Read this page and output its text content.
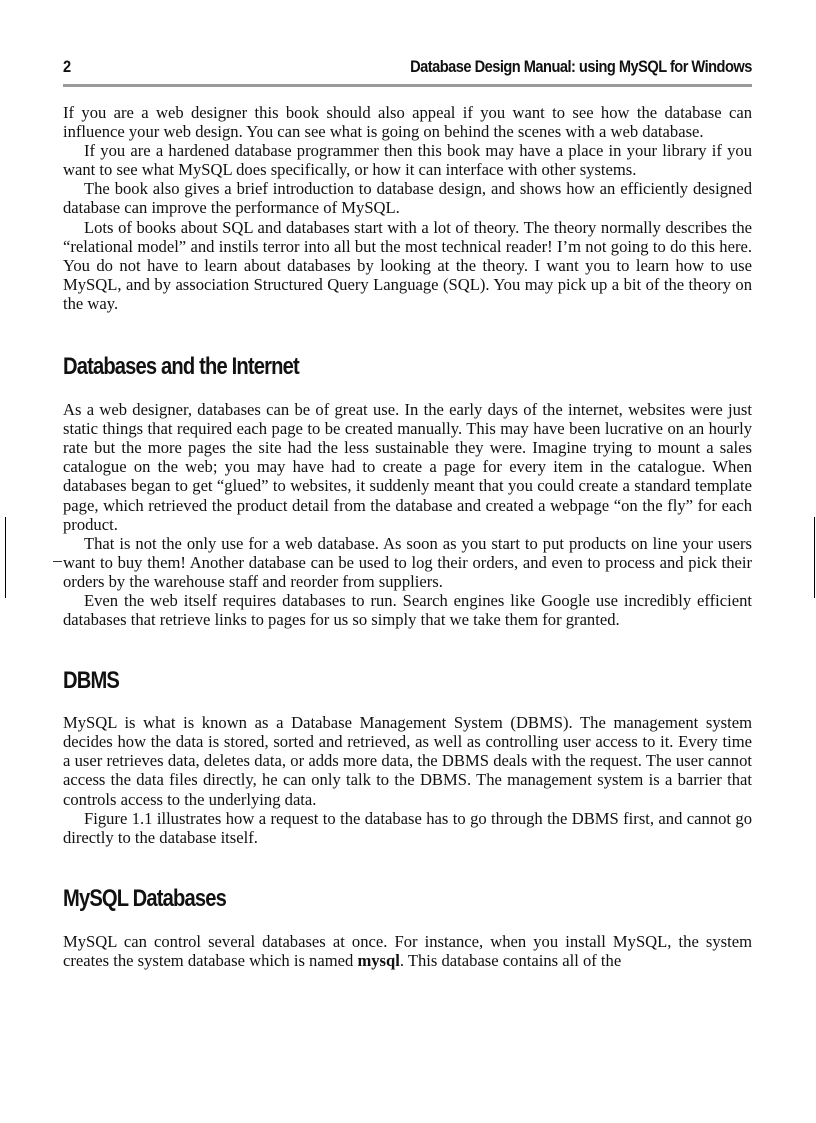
2	Database Design Manual: using MySQL for Windows

If you are a web designer this book should also appeal if you want to see how the database can influence your web design. You can see what is going on behind the scenes with a web database.

If you are a hardened database programmer then this book may have a place in your library if you want to see what MySQL does specifically, or how it can interface with other systems.

The book also gives a brief introduction to database design, and shows how an efficiently designed database can improve the performance of MySQL.

Lots of books about SQL and databases start with a lot of theory. The theory normally describes the “relational model” and instils terror into all but the most technical reader! I’m not going to do this here. You do not have to learn about databases by looking at the theory. I want you to learn how to use MySQL, and by association Structured Query Language (SQL). You may pick up a bit of the theory on the way.

Databases and the Internet

As a web designer, databases can be of great use. In the early days of the internet, websites were just static things that required each page to be created manually. This may have been lucrative on an hourly rate but the more pages the site had the less sustainable they were. Imagine trying to mount a sales catalogue on the web; you may have had to create a page for every item in the catalogue. When databases began to get “glued” to websites, it suddenly meant that you could create a standard template page, which retrieved the product detail from the database and created a webpage “on the fly” for each product.

That is not the only use for a web database. As soon as you start to put products on line your users want to buy them! Another database can be used to log their orders, and even to process and pick their orders by the warehouse staff and reorder from suppliers.

Even the web itself requires databases to run. Search engines like Google use incredibly efficient databases that retrieve links to pages for us so simply that we take them for granted.

DBMS

MySQL is what is known as a Database Management System (DBMS). The management system decides how the data is stored, sorted and retrieved, as well as controlling user access to it. Every time a user retrieves data, deletes data, or adds more data, the DBMS deals with the request. The user cannot access the data files directly, he can only talk to the DBMS. The management system is a barrier that controls access to the underlying data.

Figure 1.1 illustrates how a request to the database has to go through the DBMS first, and cannot go directly to the database itself.

MySQL Databases

MySQL can control several databases at once. For instance, when you install MySQL, the system creates the system database which is named mysql. This database contains all of the
